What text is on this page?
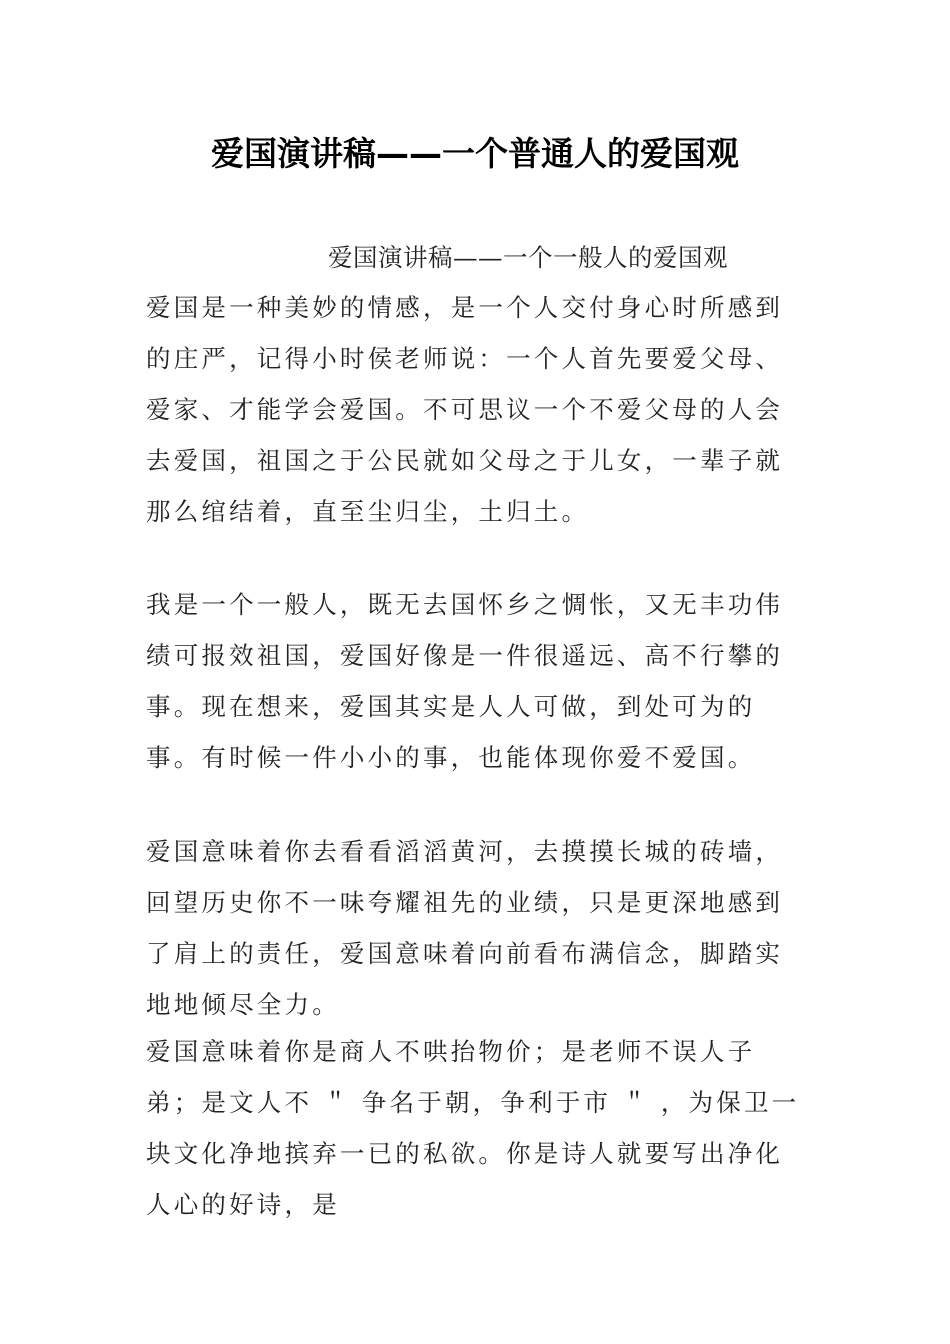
爱国演讲稿——一个普通人的爱国观
爱国演讲稿——一个一般人的爱国观

爱国是一种美妙的情感，是一个人交付身心时所感到的庄严，记得小时侯老师说：一个人首先要爱父母、爱家、才能学会爱国。不可思议一个不爱父母的人会去爱国，祖国之于公民就如父母之于儿女，一辈子就那么绾结着，直至尘归尘，土归土。

我是一个一般人，既无去国怀乡之惆怅，又无丰功伟绩可报效祖国，爱国好像是一件很遥远、高不行攀的事。现在想来，爱国其实是人人可做，到处可为的事。有时候一件小小的事，也能体现你爱不爱国。

爱国意味着你去看看滔滔黄河，去摸摸长城的砖墙，回望历史你不一味夸耀祖先的业绩，只是更深地感到了肩上的责任，爱国意味着向前看布满信念，脚踏实地地倾尽全力。

爱国意味着你是商人不哄抬物价；是老师不误人子弟；是文人不 ＂ 争名于朝，争利于市 ＂ ，为保卫一块文化净地摈弃一已的私欲。你是诗人就要写出净化人心的好诗，是
